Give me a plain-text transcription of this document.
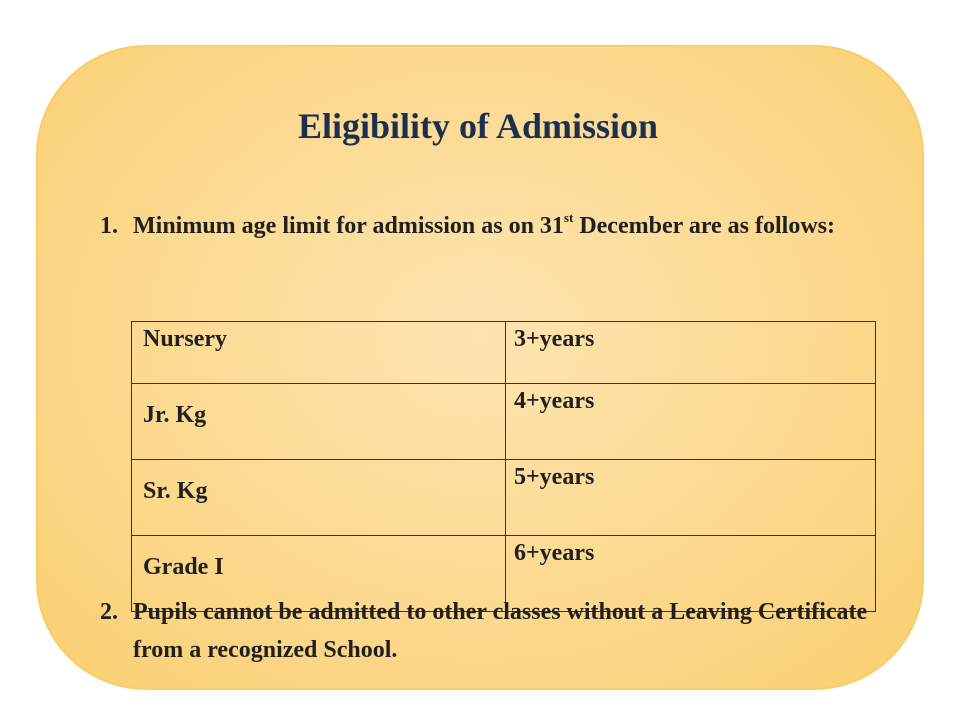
Eligibility of Admission
1. Minimum age limit for admission as on 31st December are as follows:
Nursery	3+years
Jr. Kg	4+years
Sr. Kg	5+years
Grade I	6+years
2. Pupils cannot be admitted to other classes without a Leaving Certificate from a recognized School.
